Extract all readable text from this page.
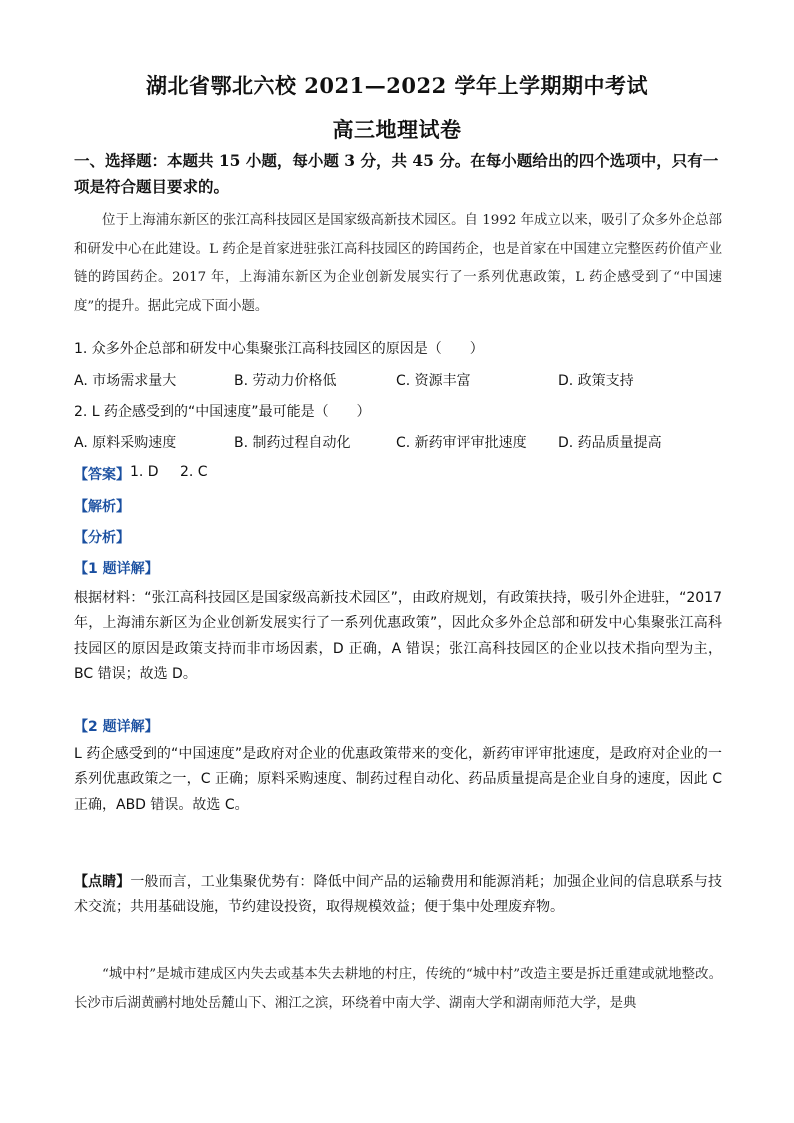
湖北省鄂北六校 2021—2022 学年上学期期中考试
高三地理试卷
一、选择题：本题共 15 小题，每小题 3 分，共 45 分。在每小题给出的四个选项中，只有一项是符合题目要求的。
位于上海浦东新区的张江高科技园区是国家级高新技术园区。自 1992 年成立以来，吸引了众多外企总部和研发中心在此建设。L 药企是首家进驻张江高科技园区的跨国药企，也是首家在中国建立完整医药价值产业链的跨国药企。2017 年，上海浦东新区为企业创新发展实行了一系列优惠政策，L 药企感受到了“中国速度”的提升。据此完成下面小题。
1. 众多外企总部和研发中心集聚张江高科技园区的原因是（　　）
A. 市场需求量大	B. 劳动力价格低	C. 资源丰富	D. 政策支持
2. L 药企感受到的“中国速度”最可能是（　　）
A. 原料采购速度	B. 制药过程自动化	C. 新药审评审批速度 D. 药品质量提高
【答案】 1. D 2. C
【解析】
【分析】
【1 题详解】
根据材料：“张江高科技园区是国家级高新技术园区”，由政府规划，有政策扶持，吸引外企进驻，“2017 年，上海浦东新区为企业创新发展实行了一系列优惠政策”，因此众多外企总部和研发中心集聚张江高科技园区的原因是政策支持而非市场因素，D 正确，A 错误；张江高科技园区的企业以技术指向型为主，BC 错误；故选 D。
【2 题详解】
L 药企感受到的“中国速度”是政府对企业的优惠政策带来的变化，新药审评审批速度，是政府对企业的一系列优惠政策之一，C 正确；原料采购速度、制药过程自动化、药品质量提高是企业自身的速度，因此 C 正确，ABD 错误。故选 C。
【点睛】一般而言，工业集聚优势有：降低中间产品的运输费用和能源消耗；加强企业间的信息联系与技术交流；共用基础设施，节约建设投资，取得规模效益；便于集中处理废弃物。
“城中村”是城市建成区内失去或基本失去耕地的村庄，传统的“城中村”改造主要是拆迁重建或就地整改。长沙市后湖黄鹂村地处岳麓山下、湘江之滨，环绕着中南大学、湖南大学和湖南师范大学，是典
